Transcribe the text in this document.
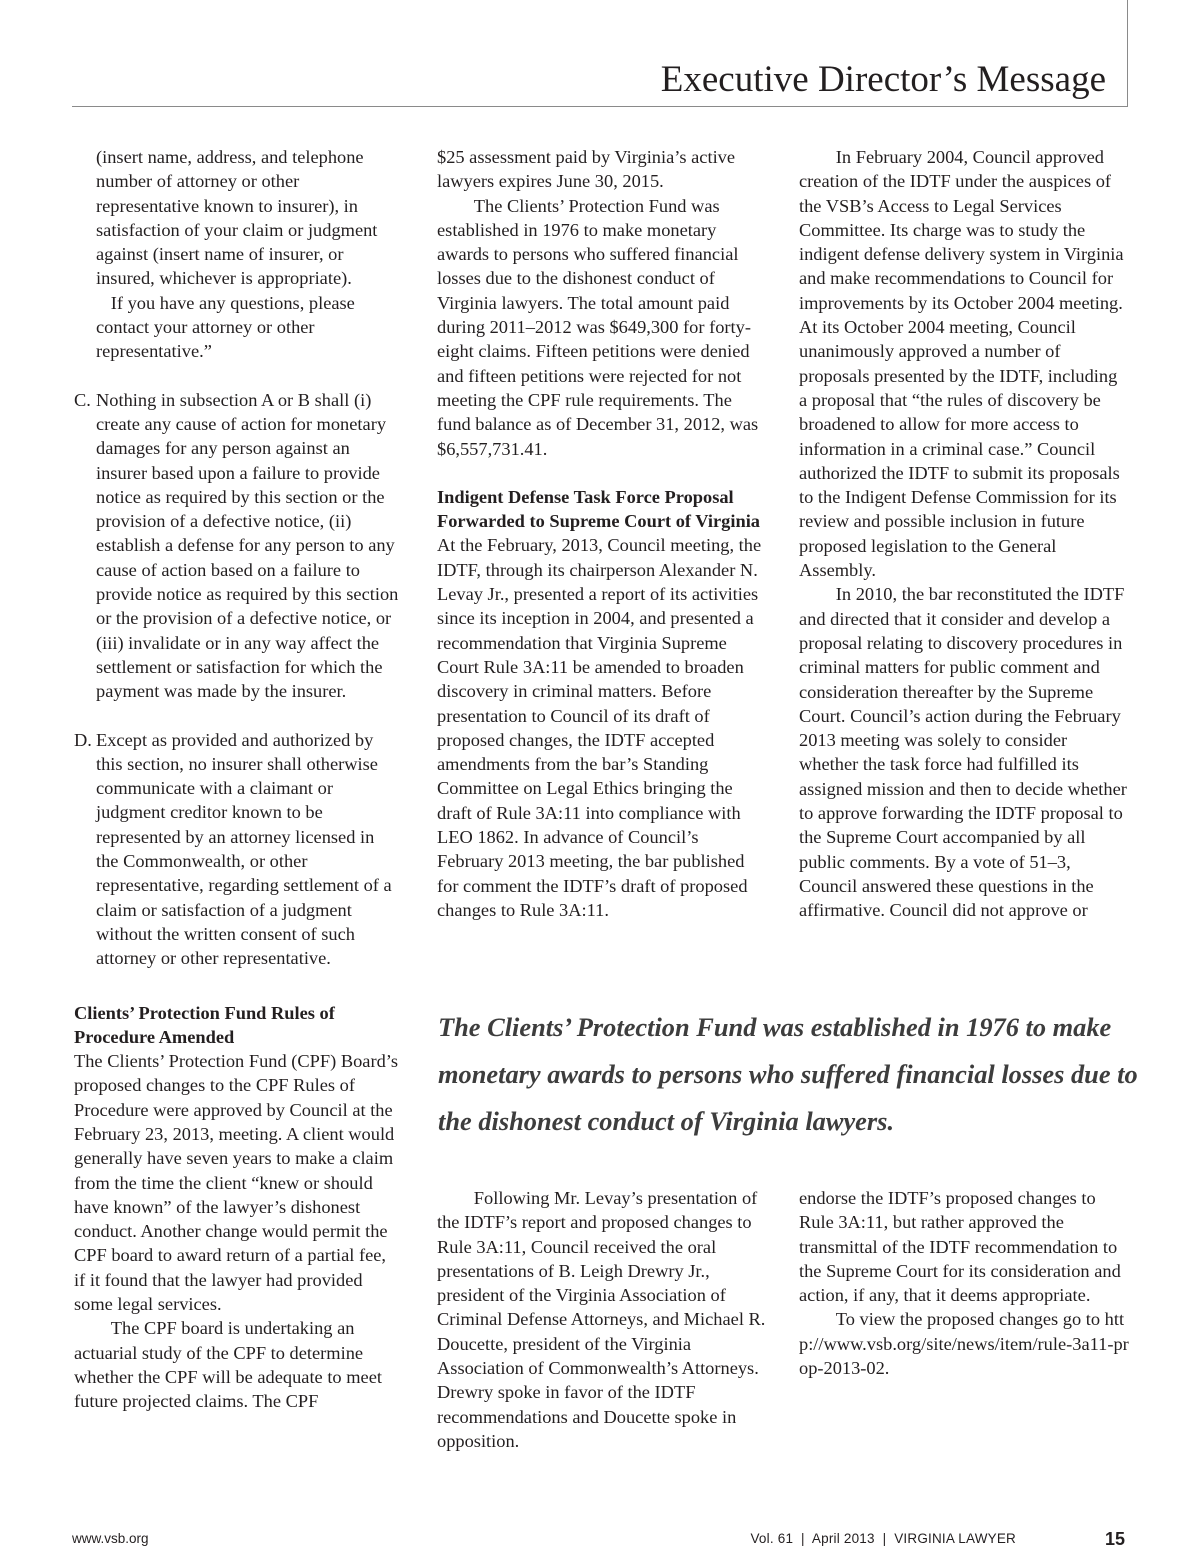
Executive Director’s Message

(insert name, address, and telephone number of attorney or other representative known to insurer), in satisfaction of your claim or judgment against (insert name of insurer, or insured, whichever is appropriate).

If you have any questions, please contact your attorney or other representative.”

C. Nothing in subsection A or B shall (i) create any cause of action for monetary damages for any person against an insurer based upon a failure to provide notice as required by this section or the provision of a defective notice, (ii) establish a defense for any person to any cause of action based on a failure to provide notice as required by this section or the provision of a defective notice, or (iii) invalidate or in any way affect the settlement or satisfaction for which the payment was made by the insurer.

D. Except as provided and authorized by this section, no insurer shall otherwise communicate with a claimant or judgment creditor known to be represented by an attorney licensed in the Commonwealth, or other representative, regarding settlement of a claim or satisfaction of a judgment without the written consent of such attorney or other representative.

Clients’ Protection Fund Rules of Procedure Amended

The Clients’ Protection Fund (CPF) Board’s proposed changes to the CPF Rules of Procedure were approved by Council at the February 23, 2013, meeting. A client would generally have seven years to make a claim from the time the client “knew or should have known” of the lawyer’s dishonest conduct. Another change would permit the CPF board to award return of a partial fee, if it found that the lawyer had provided some legal services.

The CPF board is undertaking an actuarial study of the CPF to determine whether the CPF will be adequate to meet future projected claims. The CPF

$25 assessment paid by Virginia’s active lawyers expires June 30, 2015.

The Clients’ Protection Fund was established in 1976 to make monetary awards to persons who suffered financial losses due to the dishonest conduct of Virginia lawyers. The total amount paid during 2011–2012 was $649,300 for forty-eight claims. Fifteen petitions were denied and fifteen petitions were rejected for not meeting the CPF rule requirements. The fund balance as of December 31, 2012, was $6,557,731.41.

Indigent Defense Task Force Proposal Forwarded to Supreme Court of Virginia

At the February, 2013, Council meeting, the IDTF, through its chairperson Alexander N. Levay Jr., presented a report of its activities since its inception in 2004, and presented a recommendation that Virginia Supreme Court Rule 3A:11 be amended to broaden discovery in criminal matters. Before presentation to Council of its draft of proposed changes, the IDTF accepted amendments from the bar’s Standing Committee on Legal Ethics bringing the draft of Rule 3A:11 into compliance with LEO 1862. In advance of Council’s February 2013 meeting, the bar published for comment the IDTF’s draft of proposed changes to Rule 3A:11.

In February 2004, Council approved creation of the IDTF under the auspices of the VSB’s Access to Legal Services Committee. Its charge was to study the indigent defense delivery system in Virginia and make recommendations to Council for improvements by its October 2004 meeting. At its October 2004 meeting, Council unanimously approved a number of proposals presented by the IDTF, including a proposal that “the rules of discovery be broadened to allow for more access to information in a criminal case.” Council authorized the IDTF to submit its proposals to the Indigent Defense Commission for its review and possible inclusion in future proposed legislation to the General Assembly.

In 2010, the bar reconstituted the IDTF and directed that it consider and develop a proposal relating to discovery procedures in criminal matters for public comment and consideration thereafter by the Supreme Court. Council’s action during the February 2013 meeting was solely to consider whether the task force had fulfilled its assigned mission and then to decide whether to approve forwarding the IDTF proposal to the Supreme Court accompanied by all public comments. By a vote of 51–3, Council answered these questions in the affirmative. Council did not approve or

The Clients’ Protection Fund was established in 1976 to make monetary awards to persons who suffered financial losses due to the dishonest conduct of Virginia lawyers.

Following Mr. Levay’s presentation of the IDTF’s report and proposed changes to Rule 3A:11, Council received the oral presentations of B. Leigh Drewry Jr., president of the Virginia Association of Criminal Defense Attorneys, and Michael R. Doucette, president of the Virginia Association of Commonwealth’s Attorneys. Drewry spoke in favor of the IDTF recommendations and Doucette spoke in opposition.

endorse the IDTF’s proposed changes to Rule 3A:11, but rather approved the transmittal of the IDTF recommendation to the Supreme Court for its consideration and action, if any, that it deems appropriate.

To view the proposed changes go to http://www.vsb.org/site/news/item/rule-3a11-prop-2013-02.

www.vsb.org	Vol. 61  |  April 2013  |  VIRGINIA LAWYER	15
